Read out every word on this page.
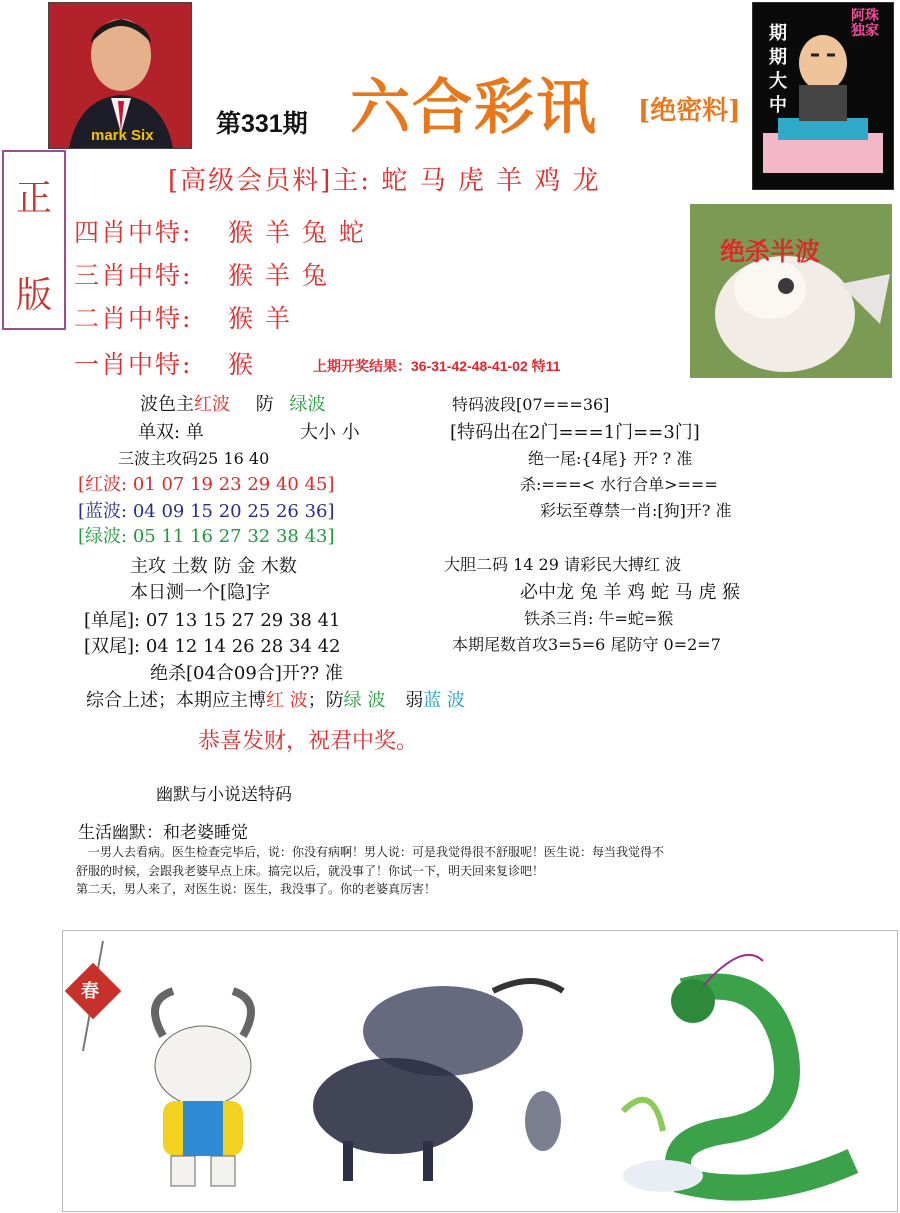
mark Six 第331期 六合彩讯 [绝密料]
期
期
大
中
阿珠独家
正
版
[高级会员料]主: 蛇 马 虎 羊 鸡 龙
四肖中特: 猴 羊 兔 蛇
三肖中特: 猴 羊 兔
二肖中特: 猴 羊
一肖中特: 猴
绝杀半波
上期开奖结果：36-31-42-48-41-02 特11
波色主红波 防 绿波
单双: 单	大小 小
三波主攻码25 16 40
[红波: 01 07 19 23 29 40 45]
[蓝波: 04 09 15 20 25 26 36]
[绿波: 05 11 16 27 32 38 43]
主攻 土数 防 金 木数
本日测一个[隐]字
[单尾]: 07 13 15 27 29 38 41
[双尾]: 04 12 14 26 28 34 42
绝杀[04合09合]开?? 准
特码波段[07===36]
[特码出在2门===1门==3门]
绝一尾:{4尾} 开? ? 准
杀:===< 水行合单>===
彩坛至尊禁一肖:[狗]开? 准
大胆二码 14 29 请彩民大搏红 波
必中龙 兔 羊 鸡 蛇 马 虎 猴
铁杀三肖: 牛=蛇=猴
本期尾数首攻3=5=6 尾防守 0=2=7
综合上述；本期应主博红 波；防绿 波 弱蓝 波
恭喜发财，祝君中奖。
幽默与小说送特码
生活幽默：和老婆睡觉
一男人去看病。医生检查完毕后，说：你没有病啊！男人说：可是我觉得很不舒服呢！医生说：每当我觉得不
舒服的时候，会跟我老婆早点上床。搞完以后，就没事了！你试一下，明天回来复诊吧！
第二天，男人来了，对医生说：医生，我没事了。你的老婆真厉害！
春
